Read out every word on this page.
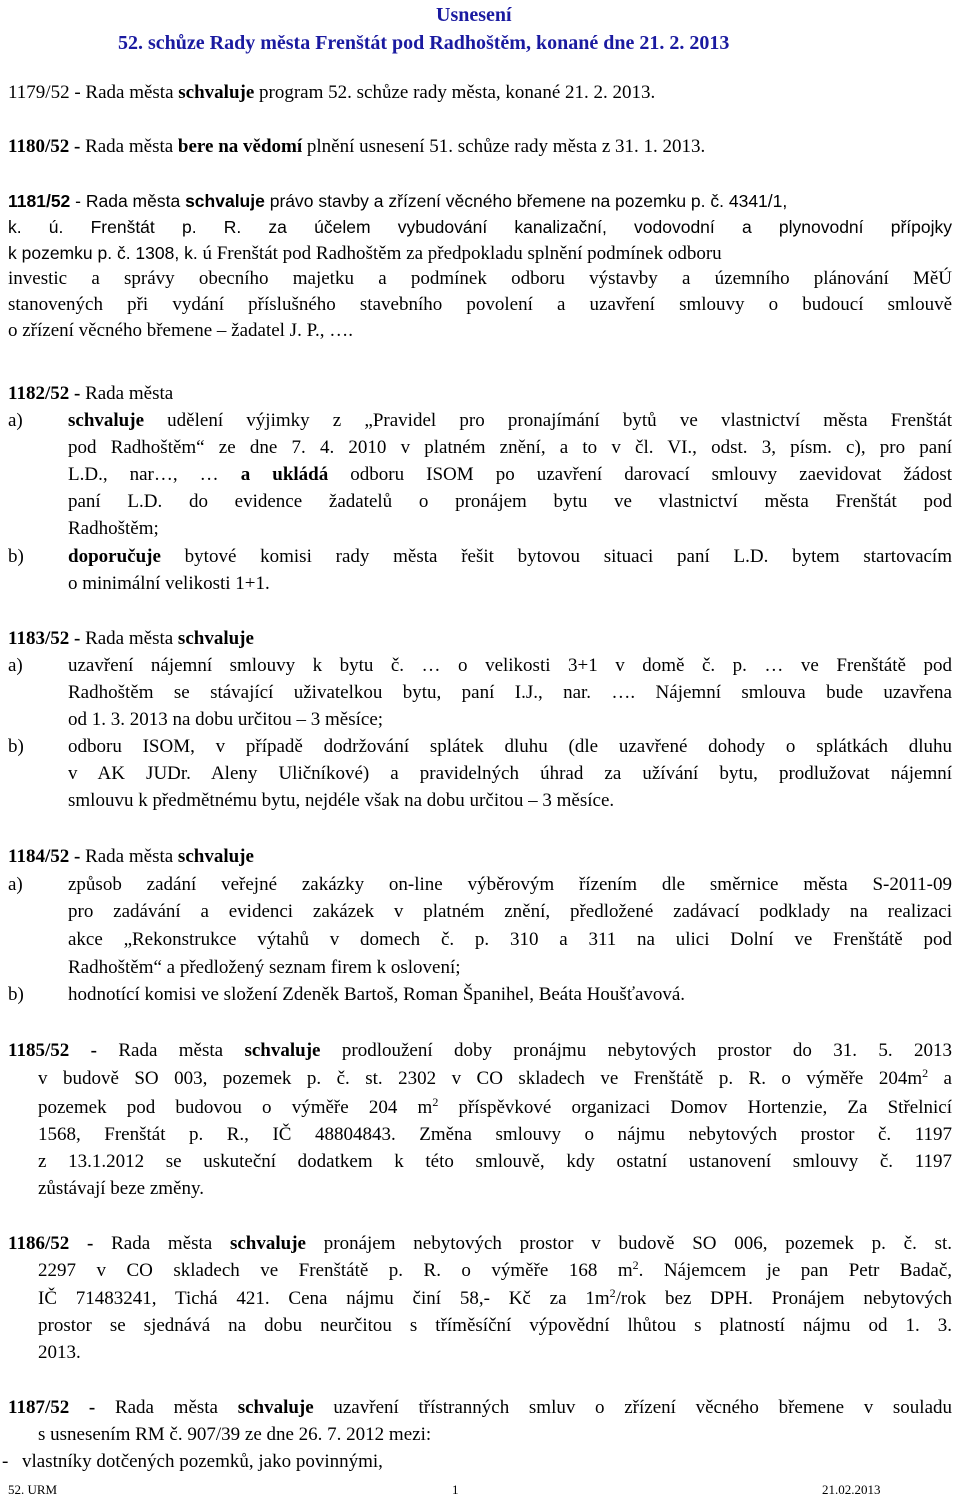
Usnesení
52. schůze Rady města Frenštát pod Radhoštěm, konané dne 21. 2. 2013
1179/52 - Rada města schvaluje program 52. schůze rady města, konané 21. 2. 2013.
1180/52 - Rada města bere na vědomí plnění usnesení 51. schůze rady města z 31. 1. 2013.
1181/52 - Rada města schvaluje právo stavby a zřízení věcného břemene na pozemku p. č. 4341/1,
k. ú. Frenštát p. R. za účelem vybudování kanalizační, vodovodní a plynovodní přípojky
k pozemku p. č. 1308, k. ú Frenštát pod Radhoštěm za předpokladu splnění podmínek odboru
investic a správy obecního majetku a podmínek odboru výstavby a územního plánování MěÚ
stanovených při vydání příslušného stavebního povolení a uzavření smlouvy o budoucí smlouvě
o zřízení věcného břemene – žadatel J. P., ….
1182/52 - Rada města
a) schvaluje udělení výjimky z „Pravidel pro pronajímání bytů ve vlastnictví města Frenštát
pod Radhoštěm“ ze dne 7. 4. 2010 v platném znění, a to v čl. VI., odst. 3, písm. c), pro paní
L.D., nar…, … a ukládá odboru ISOM po uzavření darovací smlouvy zaevidovat žádost
paní L.D. do evidence žadatelů o pronájem bytu ve vlastnictví města Frenštát pod
Radhoštěm;
b) doporučuje bytové komisi rady města řešit bytovou situaci paní L.D. bytem startovacím
o minimální velikosti 1+1.
1183/52 - Rada města schvaluje
a) uzavření nájemní smlouvy k bytu č. … o velikosti 3+1 v domě č. p. … ve Frenštátě pod
Radhoštěm se stávající uživatelkou bytu, paní I.J., nar. …. Nájemní smlouva bude uzavřena
od 1. 3. 2013 na dobu určitou – 3 měsíce;
b) odboru ISOM, v případě dodržování splátek dluhu (dle uzavřené dohody o splátkách dluhu
v AK JUDr. Aleny Uličníkové) a pravidelných úhrad za užívání bytu, prodlužovat nájemní
smlouvu k předmětnému bytu, nejdéle však na dobu určitou – 3 měsíce.
1184/52 - Rada města schvaluje
a) způsob zadání veřejné zakázky on-line výběrovým řízením dle směrnice města S-2011-09
pro zadávání a evidenci zakázek v platném znění, předložené zadávací podklady na realizaci
akce „Rekonstrukce výtahů v domech č. p. 310 a 311 na ulici Dolní ve Frenštátě pod
Radhoštěm“ a předložený seznam firem k oslovení;
b) hodnotící komisi ve složení Zdeněk Bartoš, Roman Španihel, Beáta Houšťavová.
1185/52 - Rada města schvaluje prodloužení doby pronájmu nebytových prostor do 31. 5. 2013
v budově SO 003, pozemek p. č. st. 2302 v CO skladech ve Frenštátě p. R. o výměře $204m^2$ a
pozemek pod budovou o výměře 204 $m^2$ příspěvkové organizaci Domov Hortenzie, Za Střelnicí
1568, Frenštát p. R., IČ 48804843. Změna smlouvy o nájmu nebytových prostor č. 1197
z 13.1.2012 se uskuteční dodatkem k této smlouvě, kdy ostatní ustanovení smlouvy č. 1197
zůstávají beze změny.
1186/52 - Rada města schvaluje pronájem nebytových prostor v budově SO 006, pozemek p. č. st.
2297 v CO skladech ve Frenštátě p. R. o výměře 168 $m^2$. Nájemcem je pan Petr Badač,
IČ 71483241, Tichá 421. Cena nájmu činí 58,- Kč za $1m^2$/rok bez DPH. Pronájem nebytových
prostor se sjednává na dobu neurčitou s tříměsíční výpovědní lhůtou s platností nájmu od 1. 3.
2013.
1187/52 - Rada města schvaluje uzavření třístranných smluv o zřízení věcného břemene v souladu
s usnesením RM č. 907/39 ze dne 26. 7. 2012 mezi:
- vlastníky dotčených pozemků, jako povinnými,
52. URM	1	21.02.2013
